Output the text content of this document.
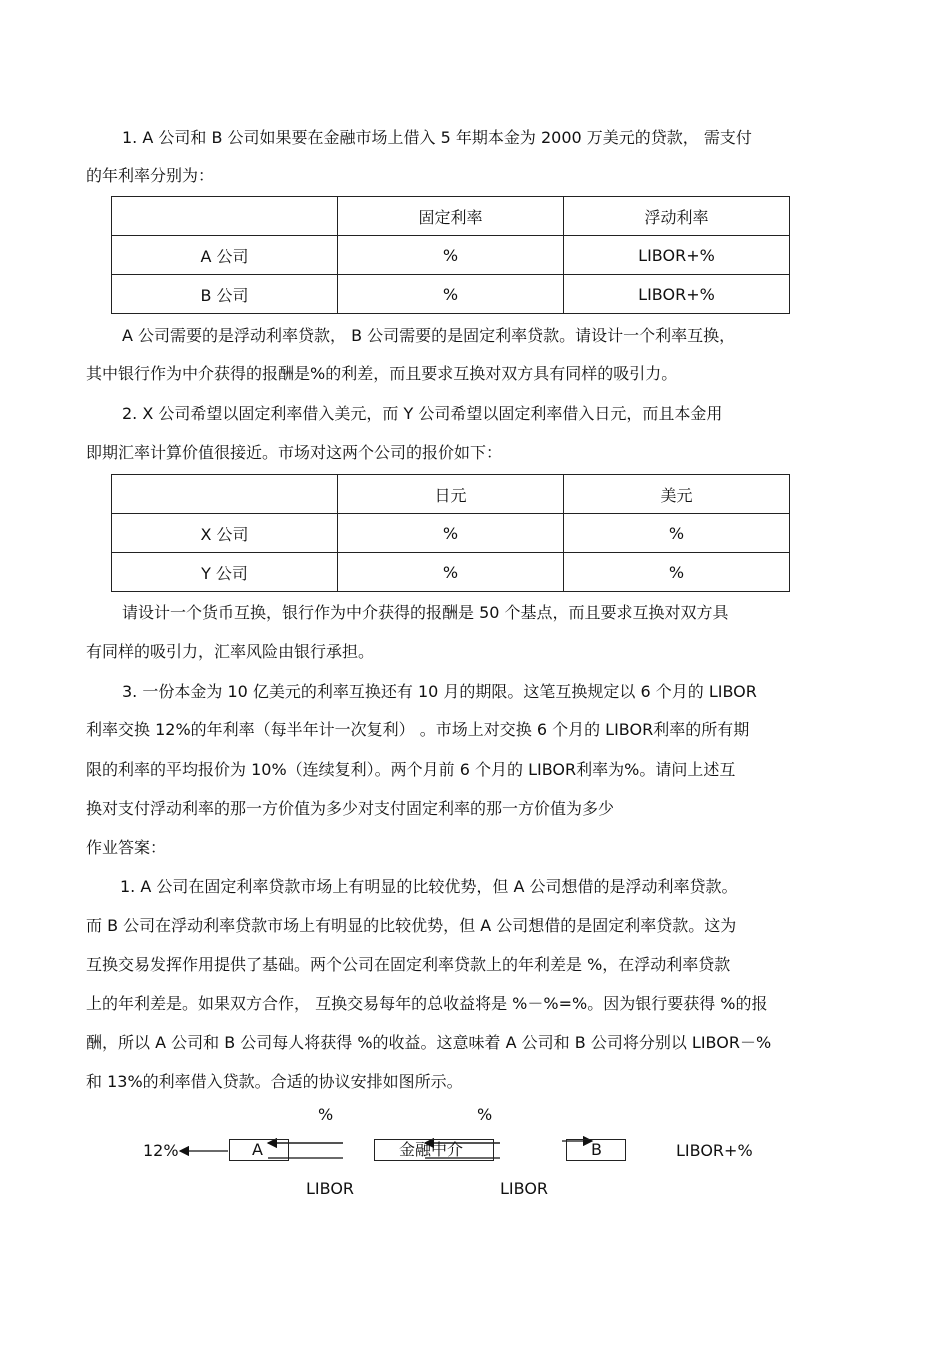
1. A 公司和 B 公司如果要在金融市场上借入 5 年期本金为 2000 万美元的贷款， 需支付
的年利率分别为：
	固定利率	浮动利率
A 公司	%	LIBOR+%
B 公司	%	LIBOR+%
A 公司需要的是浮动利率贷款， B 公司需要的是固定利率贷款。请设计一个利率互换，
其中银行作为中介获得的报酬是%的利差，而且要求互换对双方具有同样的吸引力。
2. X 公司希望以固定利率借入美元，而 Y 公司希望以固定利率借入日元，而且本金用
即期汇率计算价值很接近。市场对这两个公司的报价如下：
	日元	美元
X 公司	%	%
Y 公司	%	%
请设计一个货币互换，银行作为中介获得的报酬是 50 个基点，而且要求互换对双方具
有同样的吸引力，汇率风险由银行承担。
3. 一份本金为 10 亿美元的利率互换还有 10 月的期限。这笔互换规定以 6 个月的 LIBOR
利率交换 12%的年利率（每半年计一次复利） 。市场上对交换 6 个月的 LIBOR利率的所有期
限的利率的平均报价为 10%（连续复利）。两个月前 6 个月的 LIBOR利率为%。请问上述互
换对支付浮动利率的那一方价值为多少对支付固定利率的那一方价值为多少
作业答案：
1. A 公司在固定利率贷款市场上有明显的比较优势，但 A 公司想借的是浮动利率贷款。
而 B 公司在浮动利率贷款市场上有明显的比较优势，但 A 公司想借的是固定利率贷款。这为
互换交易发挥作用提供了基础。两个公司在固定利率贷款上的年利差是 %，在浮动利率贷款
上的年利差是。如果双方合作， 互换交易每年的总收益将是 %－%=%。因为银行要获得 %的报
酬，所以 A 公司和 B 公司每人将获得 %的收益。这意味着 A 公司和 B 公司将分别以 LIBOR－%
和 13%的利率借入贷款。合适的协议安排如图所示。
%	%
12%	A	金融中介	B	LIBOR+%
LIBOR	LIBOR
